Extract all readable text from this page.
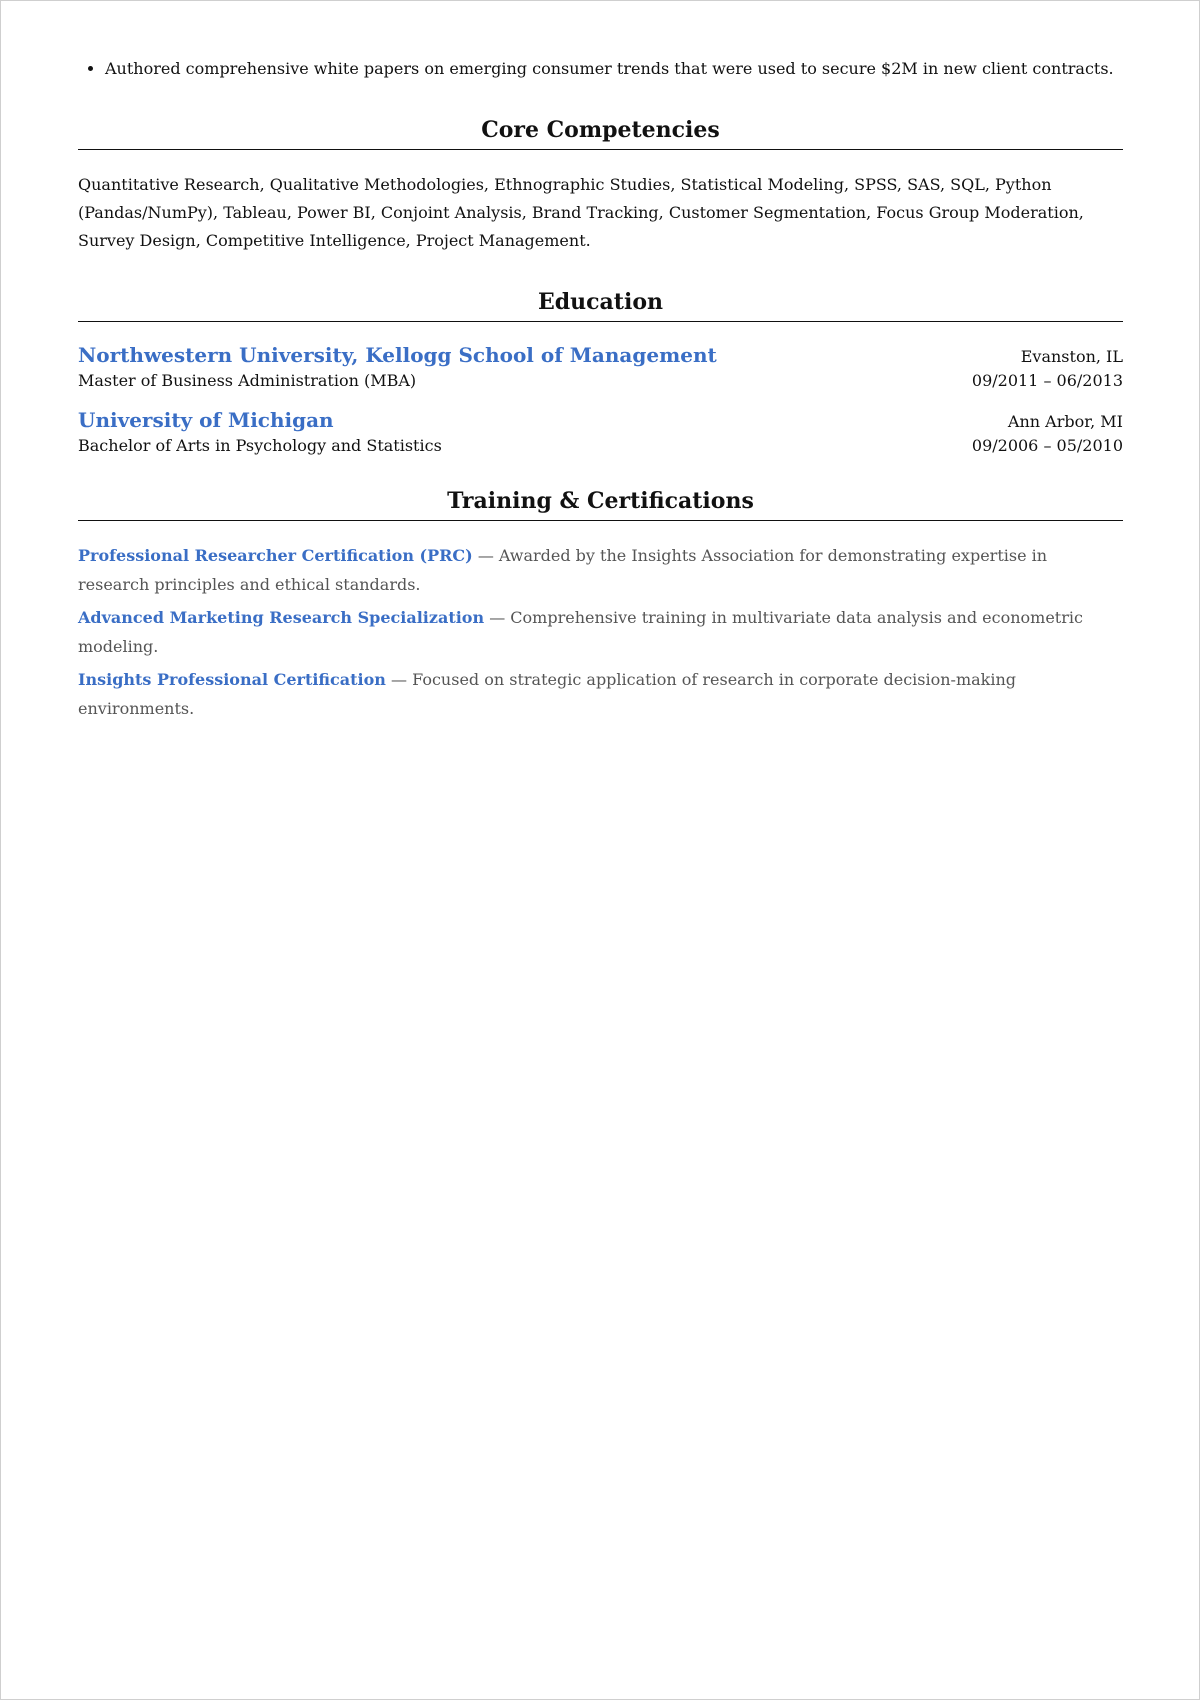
• Authored comprehensive white papers on emerging consumer trends that were used to secure $2M in new client contracts.
Core Competencies

Quantitative Research, Qualitative Methodologies, Ethnographic Studies, Statistical Modeling, SPSS, SAS, SQL, Python (Pandas/NumPy), Tableau, Power BI, Conjoint Analysis, Brand Tracking, Customer Segmentation, Focus Group Moderation, Survey Design, Competitive Intelligence, Project Management.

Education
Northwestern University, Kellogg School of Management	Evanston, IL
Master of Business Administration (MBA)	09/2011 – 06/2013
University of Michigan	Ann Arbor, MI
Bachelor of Arts in Psychology and Statistics	09/2006 – 05/2010
Training & Certifications

Professional Researcher Certification (PRC) — Awarded by the Insights Association for demonstrating expertise in research principles and ethical standards.

Advanced Marketing Research Specialization — Comprehensive training in multivariate data analysis and econometric modeling.

Insights Professional Certification — Focused on strategic application of research in corporate decision-making environments.
